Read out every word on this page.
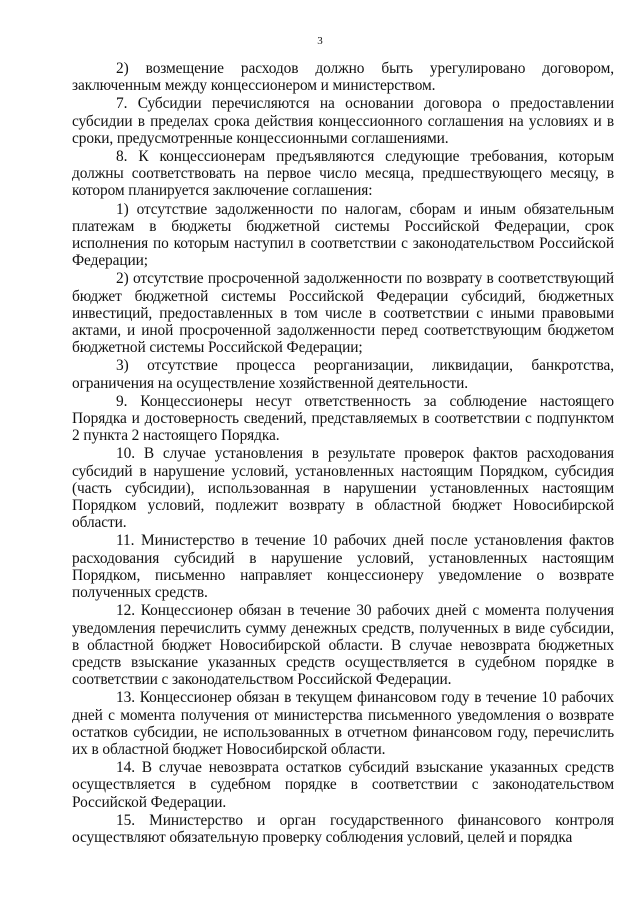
3

2) возмещение расходов должно быть урегулировано договором, заключенным между концессионером и министерством.

7. Субсидии перечисляются на основании договора о предоставлении субсидии в пределах срока действия концессионного соглашения на условиях и в сроки, предусмотренные концессионными соглашениями.

8. К концессионерам предъявляются следующие требования, которым должны соответствовать на первое число месяца, предшествующего месяцу, в котором планируется заключение соглашения:

1) отсутствие задолженности по налогам, сборам и иным обязательным платежам в бюджеты бюджетной системы Российской Федерации, срок исполнения по которым наступил в соответствии с законодательством Российской Федерации;

2) отсутствие просроченной задолженности по возврату в соответствующий бюджет бюджетной системы Российской Федерации субсидий, бюджетных инвестиций, предоставленных в том числе в соответствии с иными правовыми актами, и иной просроченной задолженности перед соответствующим бюджетом бюджетной системы Российской Федерации;

3) отсутствие процесса реорганизации, ликвидации, банкротства, ограничения на осуществление хозяйственной деятельности.

9. Концессионеры несут ответственность за соблюдение настоящего Порядка и достоверность сведений, представляемых в соответствии с подпунктом 2 пункта 2 настоящего Порядка.

10. В случае установления в результате проверок фактов расходования субсидий в нарушение условий, установленных настоящим Порядком, субсидия (часть субсидии), использованная в нарушении установленных настоящим Порядком условий, подлежит возврату в областной бюджет Новосибирской области.

11. Министерство в течение 10 рабочих дней после установления фактов расходования субсидий в нарушение условий, установленных настоящим Порядком, письменно направляет концессионеру уведомление о возврате полученных средств.

12. Концессионер обязан в течение 30 рабочих дней с момента получения уведомления перечислить сумму денежных средств, полученных в виде субсидии, в областной бюджет Новосибирской области. В случае невозврата бюджетных средств взыскание указанных средств осуществляется в судебном порядке в соответствии с законодательством Российской Федерации.

13. Концессионер обязан в текущем финансовом году в течение 10 рабочих дней с момента получения от министерства письменного уведомления о возврате остатков субсидии, не использованных в отчетном финансовом году, перечислить их в областной бюджет Новосибирской области.

14. В случае невозврата остатков субсидий взыскание указанных средств осуществляется в судебном порядке в соответствии с законодательством Российской Федерации.

15. Министерство и орган государственного финансового контроля осуществляют обязательную проверку соблюдения условий, целей и порядка
